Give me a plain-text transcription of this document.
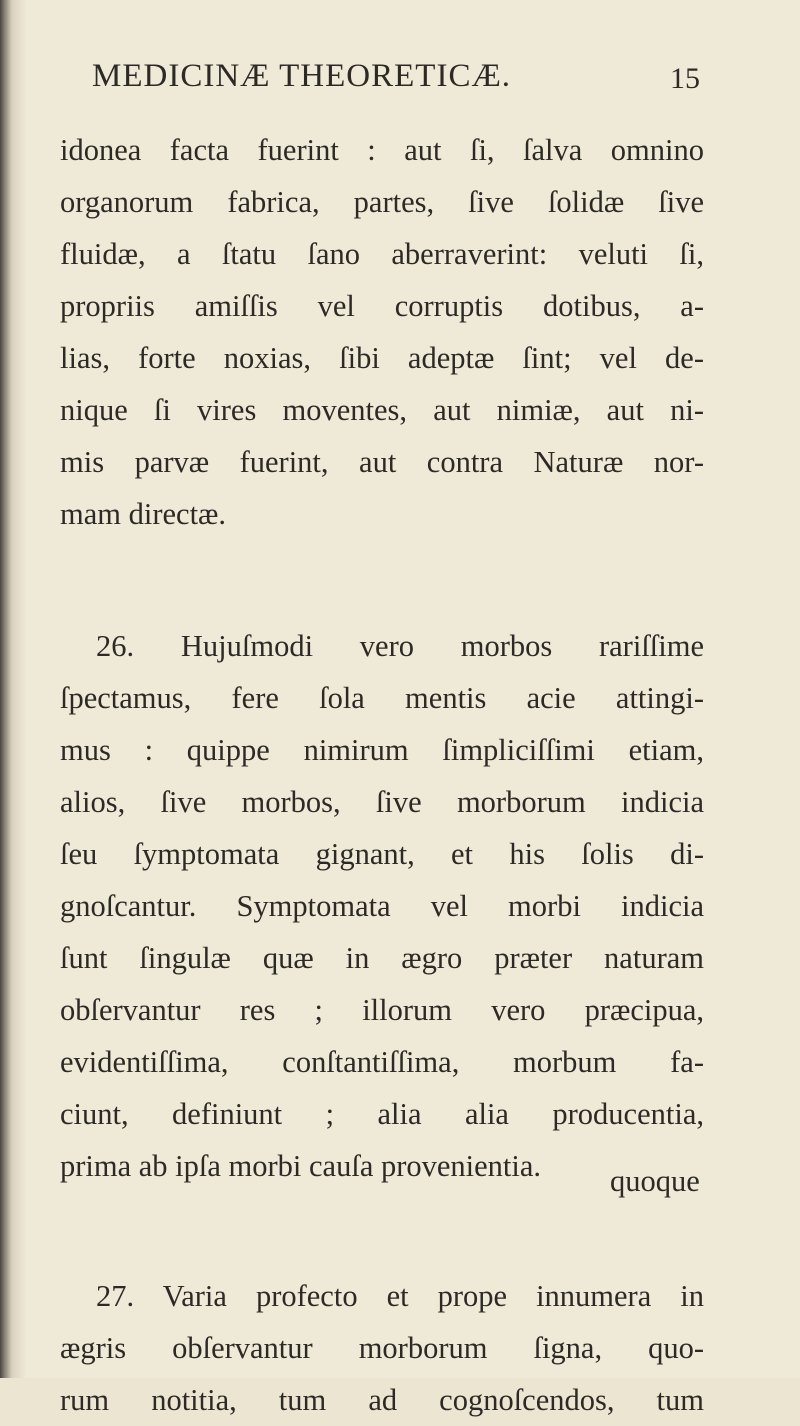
MEDICINÆ THEORETICÆ.	15
idonea facta fuerint : aut ſi, ſalva omnino
organorum fabrica, partes, ſive ſolidæ ſive
fluidæ, a ſtatu ſano aberraverint: veluti ſi,
propriis amiſſis vel corruptis dotibus, a-
lias, forte noxias, ſibi adeptæ ſint; vel de-
nique ſi vires moventes, aut nimiæ, aut ni-
mis parvæ fuerint, aut contra Naturæ nor-
mam directæ.
26. Hujuſmodi vero morbos rariſſime
ſpectamus, fere ſola mentis acie attingi-
mus : quippe nimirum ſimpliciſſimi etiam,
alios, ſive morbos, ſive morborum indicia
ſeu ſymptomata gignant, et his ſolis di-
gnoſcantur. Symptomata vel morbi indicia
ſunt ſingulæ quæ in ægro præter naturam
obſervantur res ; illorum vero præcipua,
evidentiſſima, conſtantiſſima, morbum fa-
ciunt, definiunt ; alia alia producentia,
prima ab ipſa morbi cauſa provenientia.
27. Varia profecto et prope innumera in
ægris obſervantur morborum ſigna, quo-
rum notitia, tum ad cognoſcendos, tum
quoque
